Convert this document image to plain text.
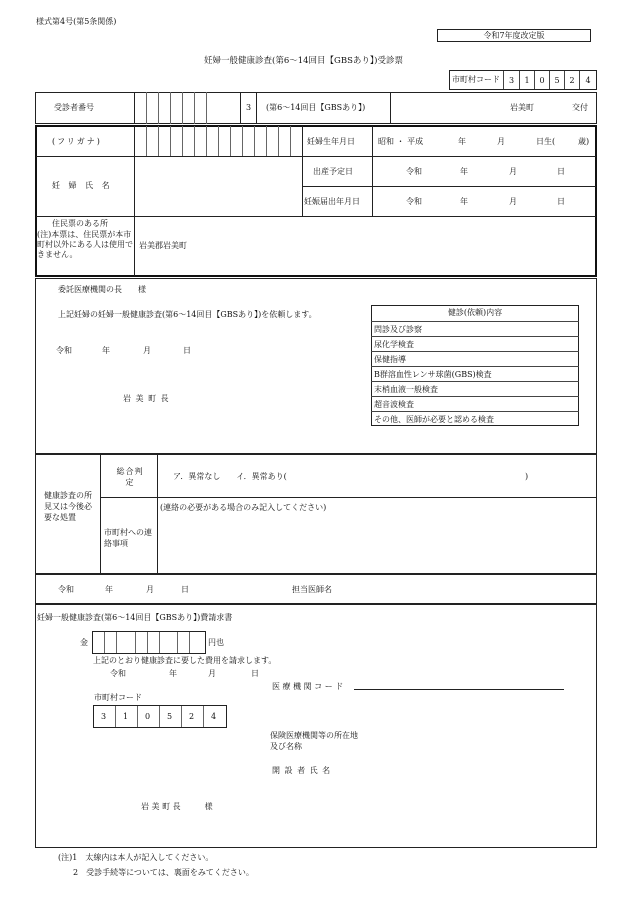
様式第4号(第5条関係)
令和7年度改定版
妊婦一般健康診査(第6～14回目【GBSあり】)受診票
市町村コード	3	1	0	5	2	4
受診者番号	3 (第6～14回目【GBSあり】)	岩美町	交付
(フリガナ)	妊婦生年月日	昭和 ・ 平成	年	月	日生(	歳)
妊 婦 氏 名
出産予定日	令和	年	月	日
妊娠届出年月日	令和	年	月	日
住民票のある所
(注)本票は、住民票が本市町村以外にある人は使用できません。
岩美郡岩美町
委託医療機関の長　　様
上記妊婦の妊婦一般健康診査(第6～14回目【GBSあり】)を依頼します。
令和	年	月	日
岩 美 町 長
健診(依頼)内容
問診及び診察
尿化学検査
保健指導
B群溶血性レンサ球菌(GBS)検査
末梢血液一般検査
超音波検査
その他、医師が必要と認める検査
健康診査の所見又は今後必要な処置
総合判定
ア．異常なし　　イ．異常あり(	)
市町村への連絡事項
(連絡の必要がある場合のみ記入してください)
令和	年	月	日	担当医師名
妊婦一般健康診査(第6～14回目【GBSあり】)費請求書
金	円也
上記のとおり健康診査に要した費用を請求します。
令和	年	月	日
医 療 機 関 コ ー ド
市町村コード
3 1 0 5 2 4
保険医療機関等の所在地及び名称
開 設 者 氏 名
岩 美 町 長　　　様
(注)1　太線内は本人が記入してください。
2　受診手続等については、裏面をみてください。
